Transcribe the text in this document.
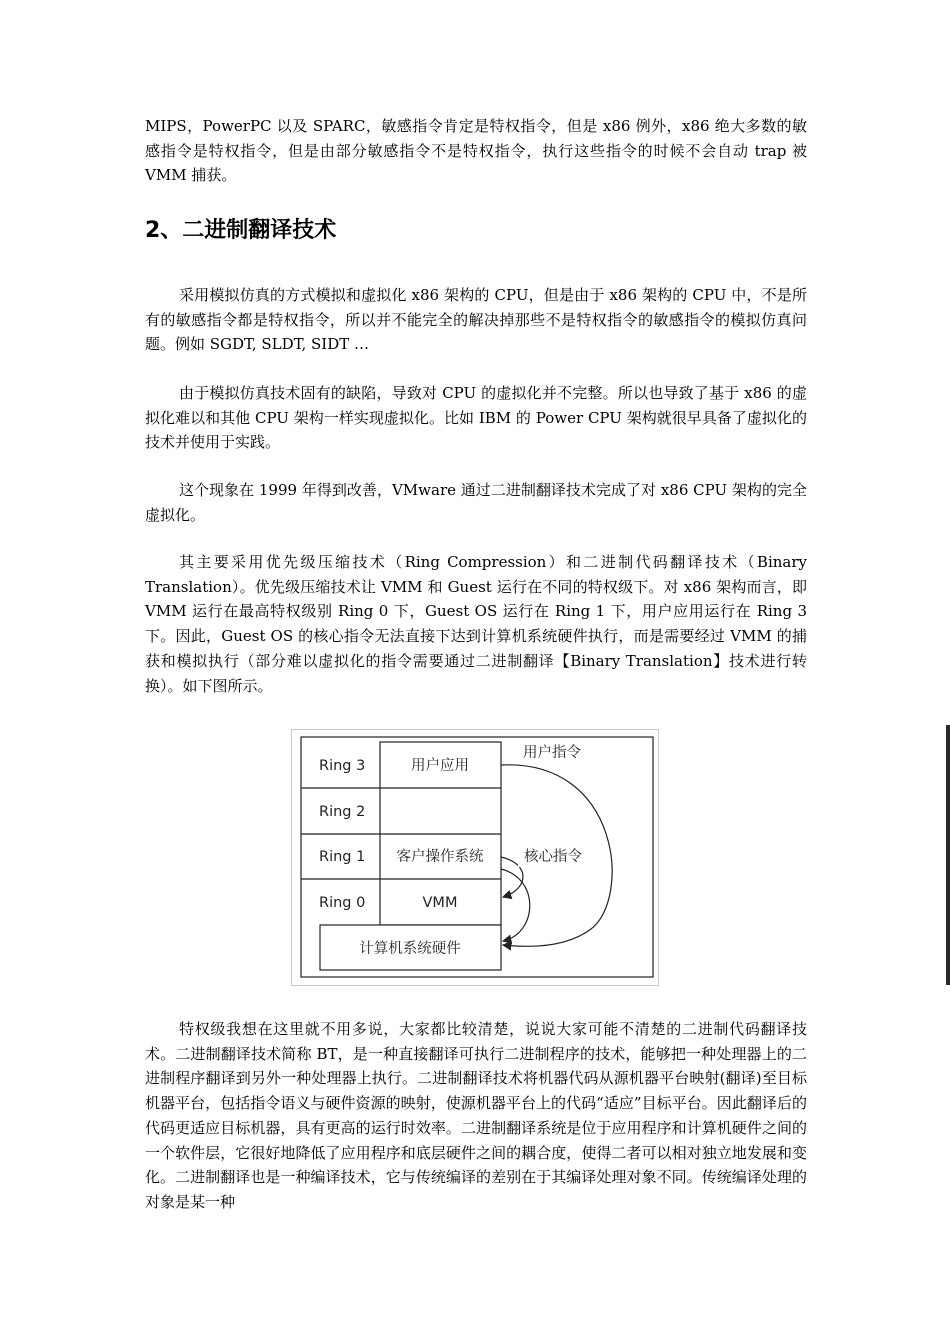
MIPS，PowerPC 以及 SPARC，敏感指令肯定是特权指令，但是 x86 例外，x86 绝大多数的敏感指令是特权指令，但是由部分敏感指令不是特权指令，执行这些指令的时候不会自动 trap 被 VMM 捕获。

2、二进制翻译技术

采用模拟仿真的方式模拟和虚拟化 x86 架构的 CPU，但是由于 x86 架构的 CPU 中，不是所有的敏感指令都是特权指令，所以并不能完全的解决掉那些不是特权指令的敏感指令的模拟仿真问题。例如 SGDT, SLDT, SIDT …

由于模拟仿真技术固有的缺陷，导致对 CPU 的虚拟化并不完整。所以也导致了基于 x86 的虚拟化难以和其他 CPU 架构一样实现虚拟化。比如 IBM 的 Power CPU 架构就很早具备了虚拟化的技术并使用于实践。

这个现象在 1999 年得到改善，VMware 通过二进制翻译技术完成了对 x86 CPU 架构的完全虚拟化。

其主要采用优先级压缩技术（Ring Compression）和二进制代码翻译技术（Binary Translation）。优先级压缩技术让 VMM 和 Guest 运行在不同的特权级下。对 x86 架构而言，即 VMM 运行在最高特权级别 Ring 0 下，Guest OS 运行在 Ring 1 下，用户应用运行在 Ring 3 下。因此，Guest OS 的核心指令无法直接下达到计算机系统硬件执行，而是需要经过 VMM 的捕获和模拟执行（部分难以虚拟化的指令需要通过二进制翻译【Binary Translation】技术进行转换）。如下图所示。

Ring 3
Ring 2
Ring 1
Ring 0
用户应用
客户操作系统
VMM
计算机系统硬件
用户指令
核心指令

特权级我想在这里就不用多说，大家都比较清楚，说说大家可能不清楚的二进制代码翻译技术。二进制翻译技术简称 BT，是一种直接翻译可执行二进制程序的技术，能够把一种处理器上的二进制程序翻译到另外一种处理器上执行。二进制翻译技术将机器代码从源机器平台映射(翻译)至目标机器平台，包括指令语义与硬件资源的映射，使源机器平台上的代码“适应”目标平台。因此翻译后的代码更适应目标机器，具有更高的运行时效率。二进制翻译系统是位于应用程序和计算机硬件之间的一个软件层，它很好地降低了应用程序和底层硬件之间的耦合度，使得二者可以相对独立地发展和变化。二进制翻译也是一种编译技术，它与传统编译的差别在于其编译处理对象不同。传统编译处理的对象是某一种
